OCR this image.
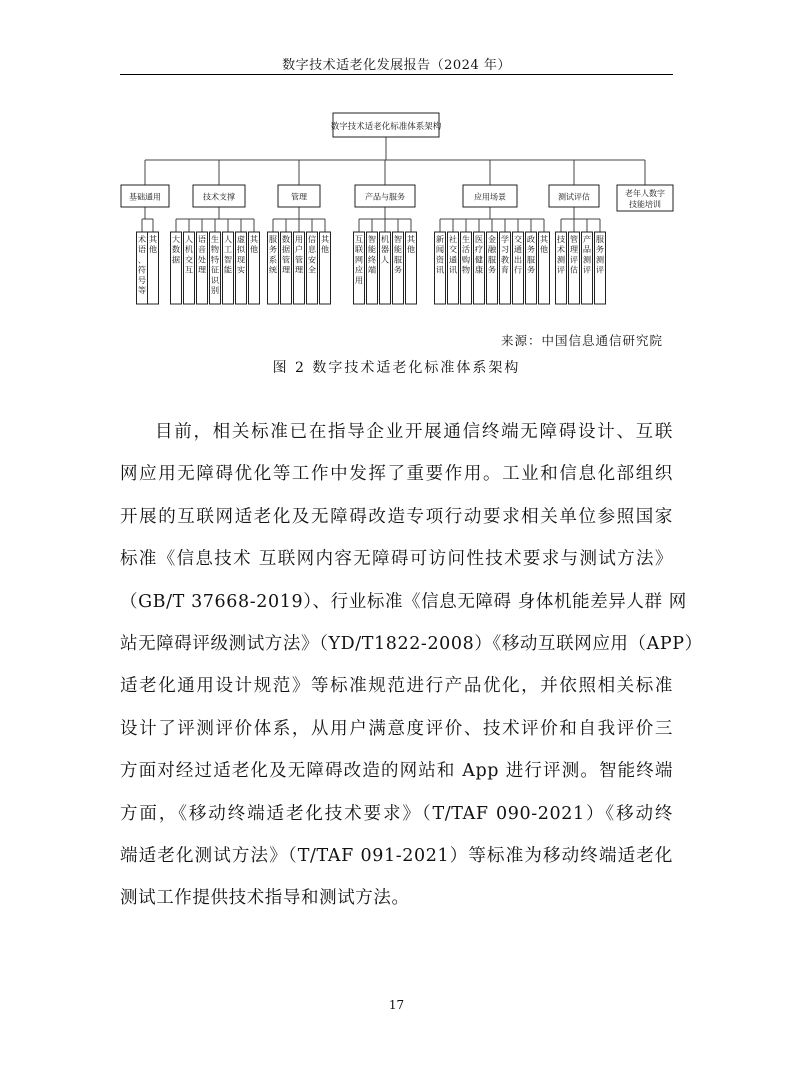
数字技术适老化发展报告（2024 年）
数字技术适老化标准体系架构
基础通用
术语、符号等
其他
技术支撑
大数据
人机交互
语音处理
生物特征识别
人工智能
虚拟现实
其他
管理
服务系统
数据管理
用户管理
信息安全
其他
产品与服务
互联网应用
智能终端
机器人
智能服务
其他
应用场景
新闻资讯
社交通讯
生活购物
医疗健康
金融服务
学习教育
交通出行
政务服务
其他
测试评估
技术测评
管理评估
产品测评
服务测评
老年人数字
技能培训
来源：中国信息通信研究院
图 2 数字技术适老化标准体系架构
目前，相关标准已在指导企业开展通信终端无障碍设计、互联
网应用无障碍优化等工作中发挥了重要作用。工业和信息化部组织
开展的互联网适老化及无障碍改造专项行动要求相关单位参照国家
标准《信息技术 互联网内容无障碍可访问性技术要求与测试方法》
（GB/T 37668-2019）、行业标准《信息无障碍 身体机能差异人群 网
站无障碍评级测试方法》（YD/T1822-2008）《移动互联网应用（APP）
适老化通用设计规范》等标准规范进行产品优化，并依照相关标准
设计了评测评价体系，从用户满意度评价、技术评价和自我评价三
方面对经过适老化及无障碍改造的网站和 App 进行评测。智能终端
方面，《移动终端适老化技术要求》（T/TAF 090-2021）《移动终
端适老化测试方法》（T/TAF 091-2021）等标准为移动终端适老化
测试工作提供技术指导和测试方法。
17
